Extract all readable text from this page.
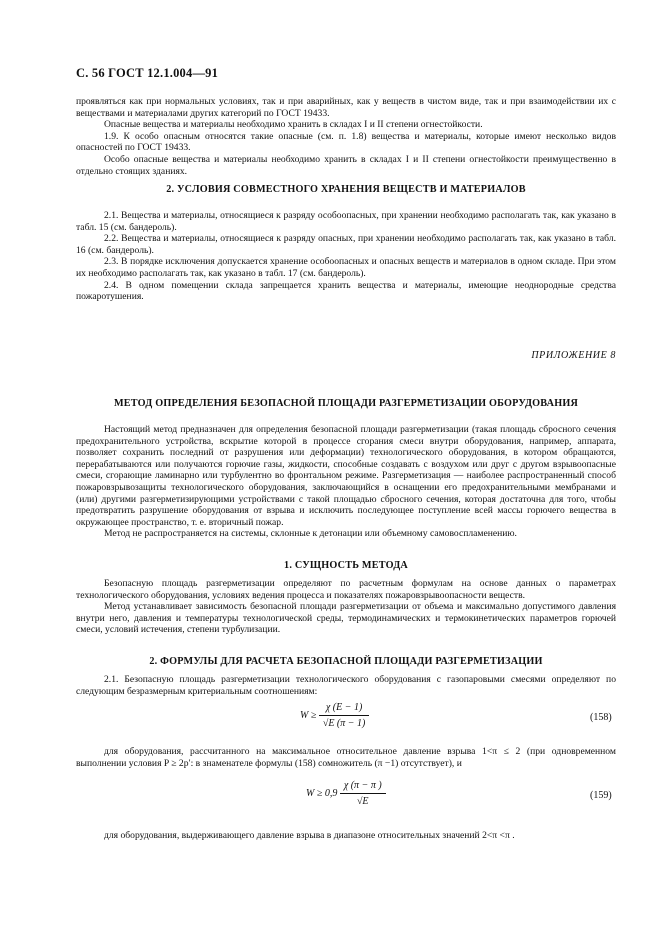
С. 56 ГОСТ 12.1.004—91

проявляться как при нормальных условиях, так и при аварийных, как у веществ в чистом виде, так и при взаимодействии их с веществами и материалами других категорий по ГОСТ 19433.

Опасные вещества и материалы необходимо хранить в складах I и II степени огнестойкости.

1.9. К особо опасным относятся такие опасные (см. п. 1.8) вещества и материалы, которые имеют несколько видов опасностей по ГОСТ 19433.

Особо опасные вещества и материалы необходимо хранить в складах I и II степени огнестойкости преимущественно в отдельно стоящих зданиях.

2. УСЛОВИЯ СОВМЕСТНОГО ХРАНЕНИЯ ВЕЩЕСТВ И МАТЕРИАЛОВ

2.1. Вещества и материалы, относящиеся к разряду особоопасных, при хранении необходимо располагать так, как указано в табл. 15 (см. бандероль).

2.2. Вещества и материалы, относящиеся к разряду опасных, при хранении необходимо располагать так, как указано в табл. 16 (см. бандероль).

2.3. В порядке исключения допускается хранение особоопасных и опасных веществ и материалов в одном складе. При этом их необходимо располагать так, как указано в табл. 17 (см. бандероль).

2.4. В одном помещении склада запрещается хранить вещества и материалы, имеющие неоднородные средства пожаротушения.

ПРИЛОЖЕНИЕ 8
МЕТОД ОПРЕДЕЛЕНИЯ БЕЗОПАСНОЙ ПЛОЩАДИ РАЗГЕРМЕТИЗАЦИИ ОБОРУДОВАНИЯ

Настоящий метод предназначен для определения безопасной площади разгерметизации (такая площадь сбросного сечения предохранительного устройства, вскрытие которой в процессе сгорания смеси внутри оборудования, например, аппарата, позволяет сохранить последний от разрушения или деформации) технологического оборудования, в котором обращаются, перерабатываются или получаются горючие газы, жидкости, способные создавать с воздухом или друг с другом взрывоопасные смеси, сгорающие ламинарно или турбулентно во фронтальном режиме. Разгерметизация — наиболее распространенный способ пожаровзрывозащиты технологического оборудования, заключающийся в оснащении его предохранительными мембранами и (или) другими разгерметизирующими устройствами с такой площадью сбросного сечения, которая достаточна для того, чтобы предотвратить разрушение оборудования от взрыва и исключить последующее поступление всей массы горючего вещества в окружающее пространство, т. е. вторичный пожар.

Метод не распространяется на системы, склонные к детонации или объемному самовоспламенению.

1. СУЩНОСТЬ МЕТОДА

Безопасную площадь разгерметизации определяют по расчетным формулам на основе данных о параметрах технологического оборудования, условиях ведения процесса и показателях пожаровзрывоопасности веществ.

Метод устанавливает зависимость безопасной площади разгерметизации от объема и максимально допустимого давления внутри него, давления и температуры технологической среды, термодинамических и термокинетических параметров горючей смеси, условий истечения, степени турбулизации.

2. ФОРМУЛЫ ДЛЯ РАСЧЕТА БЕЗОПАСНОЙ ПЛОЩАДИ РАЗГЕРМЕТИЗАЦИИ

2.1. Безопасную площадь разгерметизации технологического оборудования с газопаровыми смесями определяют по следующим безразмерным критериальным соотношениям:

$W \ge \frac{\chi (E - 1)}{√E (\pi - 1)}$	(158)

для оборудования, рассчитанного на максимальное относительное давление взрыва 1<π ≤ 2 (при одновременном выполнении условия P ≥ 2p′: в знаменателе формулы (158) сомножитель (π −1) отсутствует), и

$W \ge 0,9 \frac{\chi (\pi - \pi )}{√E}$	(159)

для оборудования, выдерживающего давление взрыва в диапазоне относительных значений 2<π <π .
